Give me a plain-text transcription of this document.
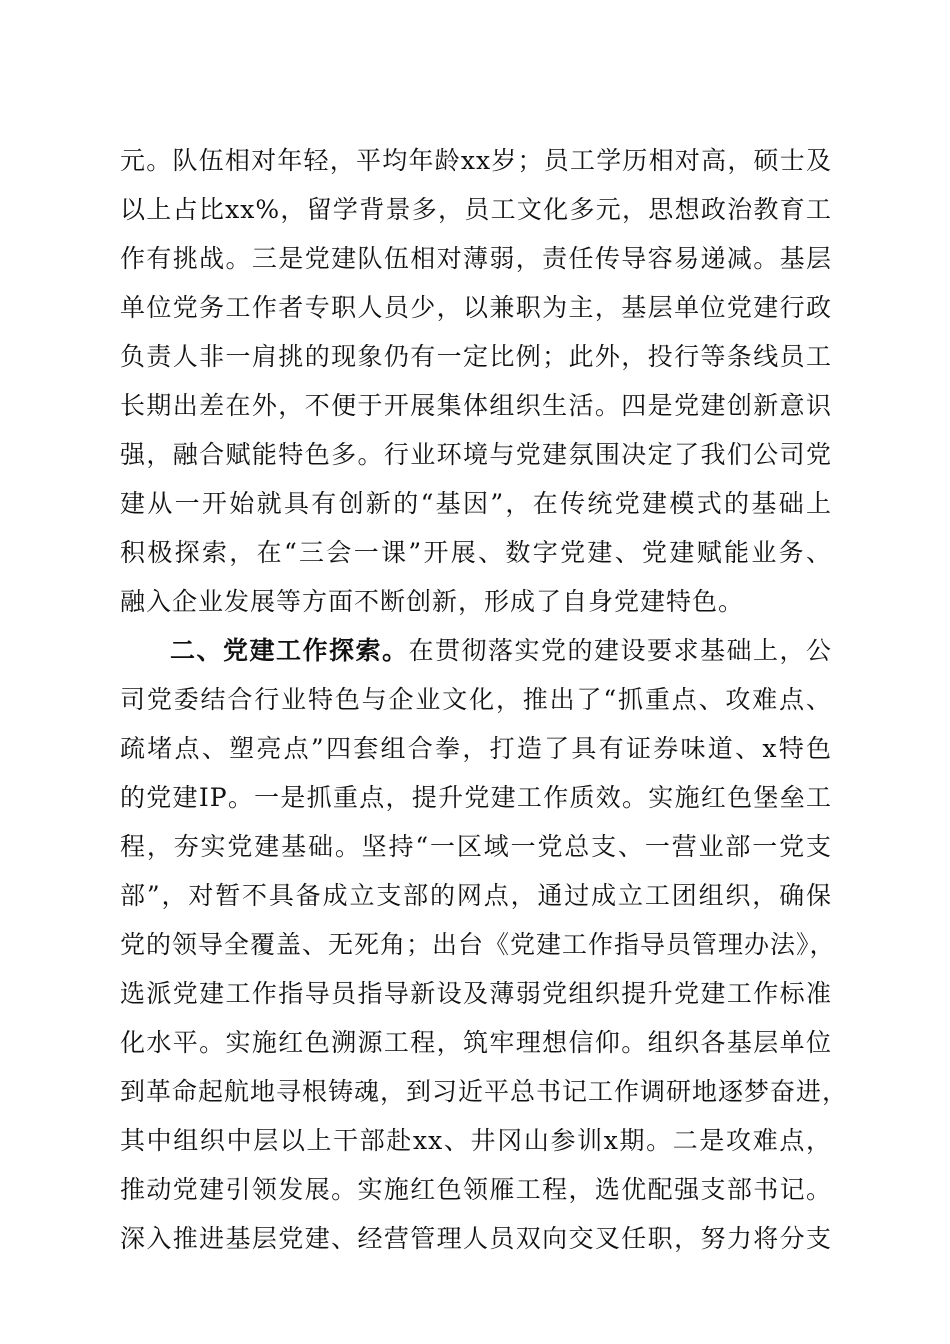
元。队伍相对年轻，平均年龄xx岁；员工学历相对高，硕士及
以上占比xx%，留学背景多，员工文化多元，思想政治教育工
作有挑战。三是党建队伍相对薄弱，责任传导容易递减。基层
单位党务工作者专职人员少，以兼职为主，基层单位党建行政
负责人非一肩挑的现象仍有一定比例；此外，投行等条线员工
长期出差在外，不便于开展集体组织生活。四是党建创新意识
强，融合赋能特色多。行业环境与党建氛围决定了我们公司党
建从一开始就具有创新的“基因”，在传统党建模式的基础上
积极探索，在“三会一课”开展、数字党建、党建赋能业务、
融入企业发展等方面不断创新，形成了自身党建特色。
二、党建工作探索。在贯彻落实党的建设要求基础上，公
司党委结合行业特色与企业文化，推出了“抓重点、攻难点、
疏堵点、塑亮点”四套组合拳，打造了具有证券味道、x特色
的党建IP。一是抓重点，提升党建工作质效。实施红色堡垒工
程，夯实党建基础。坚持“一区域一党总支、一营业部一党支
部”，对暂不具备成立支部的网点，通过成立工团组织，确保
党的领导全覆盖、无死角；出台《党建工作指导员管理办法》，
选派党建工作指导员指导新设及薄弱党组织提升党建工作标准
化水平。实施红色溯源工程，筑牢理想信仰。组织各基层单位
到革命起航地寻根铸魂，到习近平总书记工作调研地逐梦奋进，
其中组织中层以上干部赴xx、井冈山参训x期。二是攻难点，
推动党建引领发展。实施红色领雁工程，选优配强支部书记。
深入推进基层党建、经营管理人员双向交叉任职，努力将分支
